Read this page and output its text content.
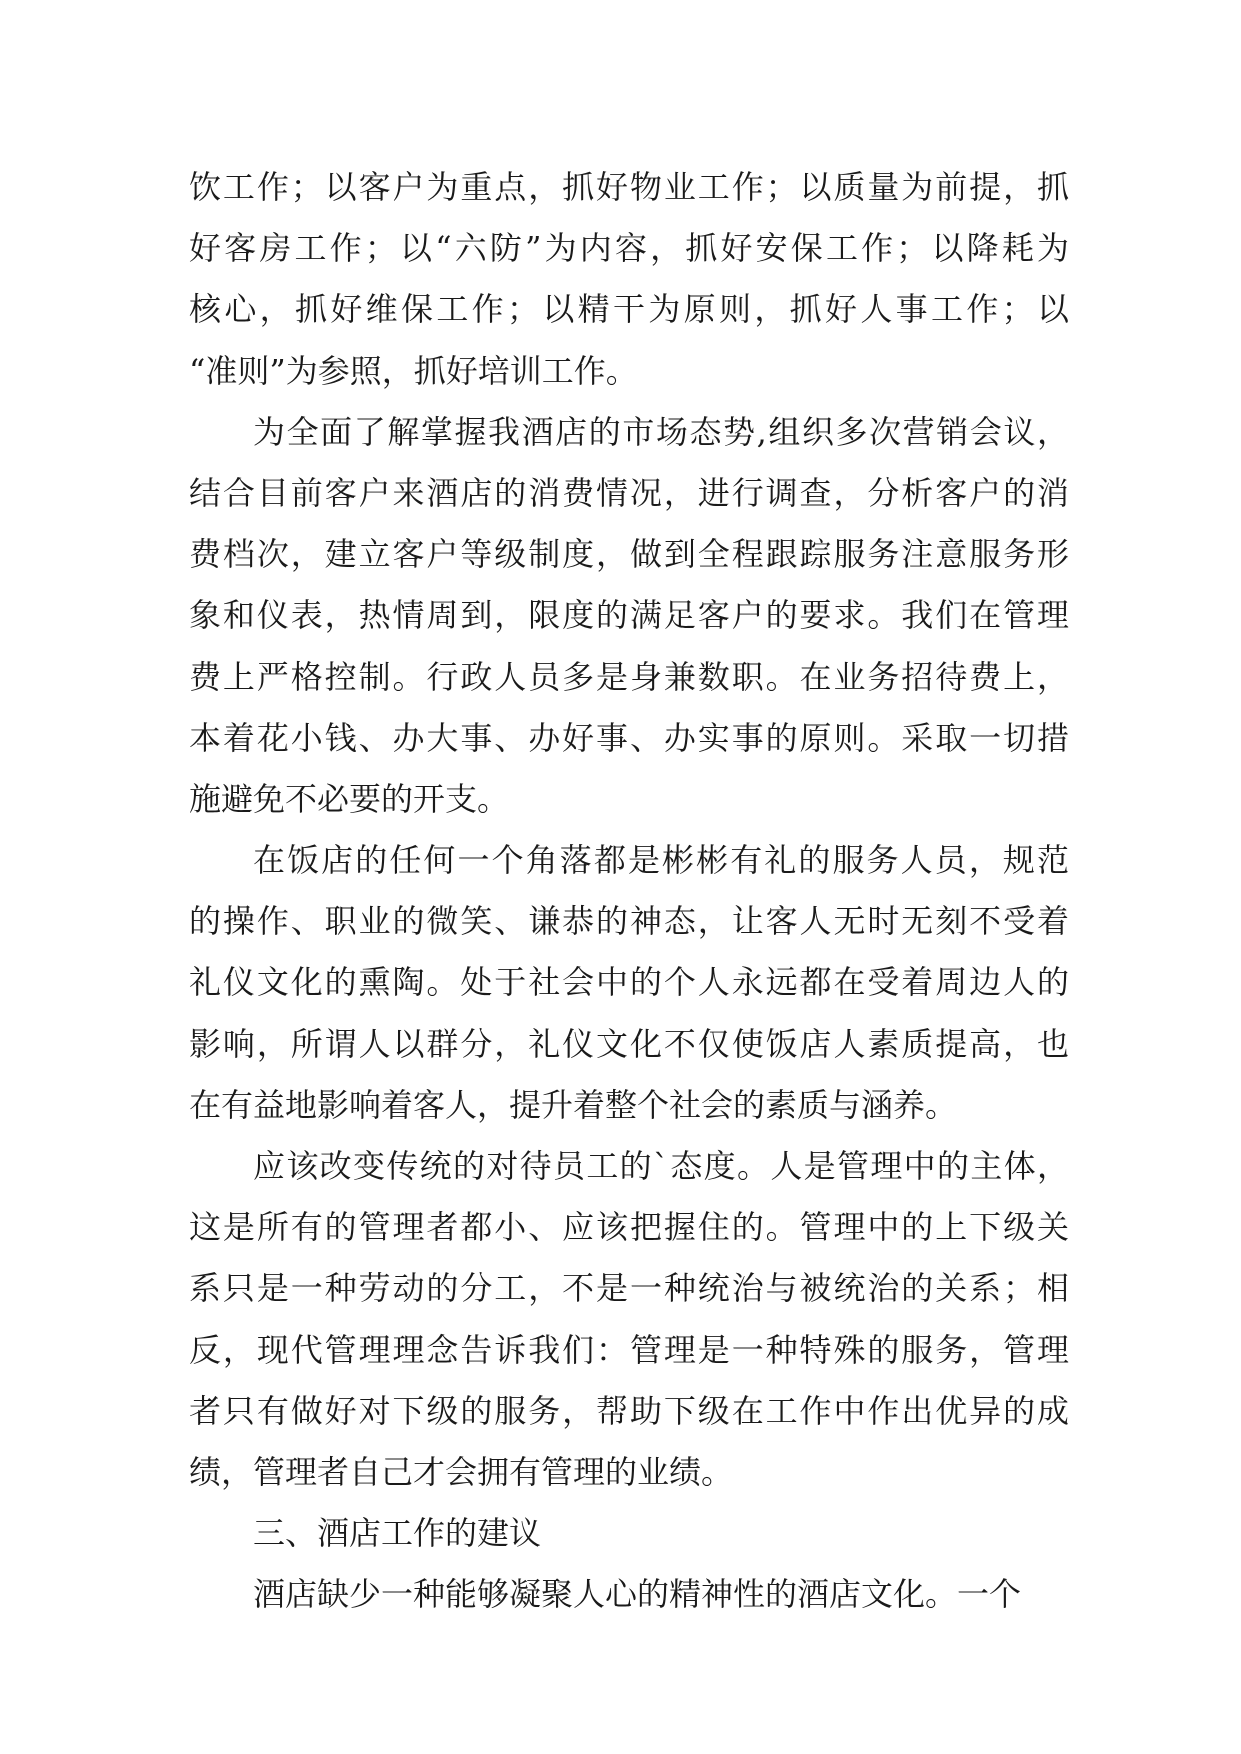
饮工作；以客户为重点，抓好物业工作；以质量为前提，抓
好客房工作；以“六防”为内容，抓好安保工作；以降耗为
核心，抓好维保工作；以精干为原则，抓好人事工作；以
“准则”为参照，抓好培训工作。
为全面了解掌握我酒店的市场态势,组织多次营销会议，
结合目前客户来酒店的消费情况，进行调查，分析客户的消
费档次，建立客户等级制度，做到全程跟踪服务注意服务形
象和仪表，热情周到，限度的满足客户的要求。我们在管理
费上严格控制。行政人员多是身兼数职。在业务招待费上，
本着花小钱、办大事、办好事、办实事的原则。采取一切措
施避免不必要的开支。
在饭店的任何一个角落都是彬彬有礼的服务人员，规范
的操作、职业的微笑、谦恭的神态，让客人无时无刻不受着
礼仪文化的熏陶。处于社会中的个人永远都在受着周边人的
影响，所谓人以群分，礼仪文化不仅使饭店人素质提高，也
在有益地影响着客人，提升着整个社会的素质与涵养。
应该改变传统的对待员工的`态度。人是管理中的主体，
这是所有的管理者都小、应该把握住的。管理中的上下级关
系只是一种劳动的分工，不是一种统治与被统治的关系；相
反，现代管理理念告诉我们：管理是一种特殊的服务，管理
者只有做好对下级的服务，帮助下级在工作中作出优异的成
绩，管理者自己才会拥有管理的业绩。
三、酒店工作的建议
酒店缺少一种能够凝聚人心的精神性的酒店文化。一个
